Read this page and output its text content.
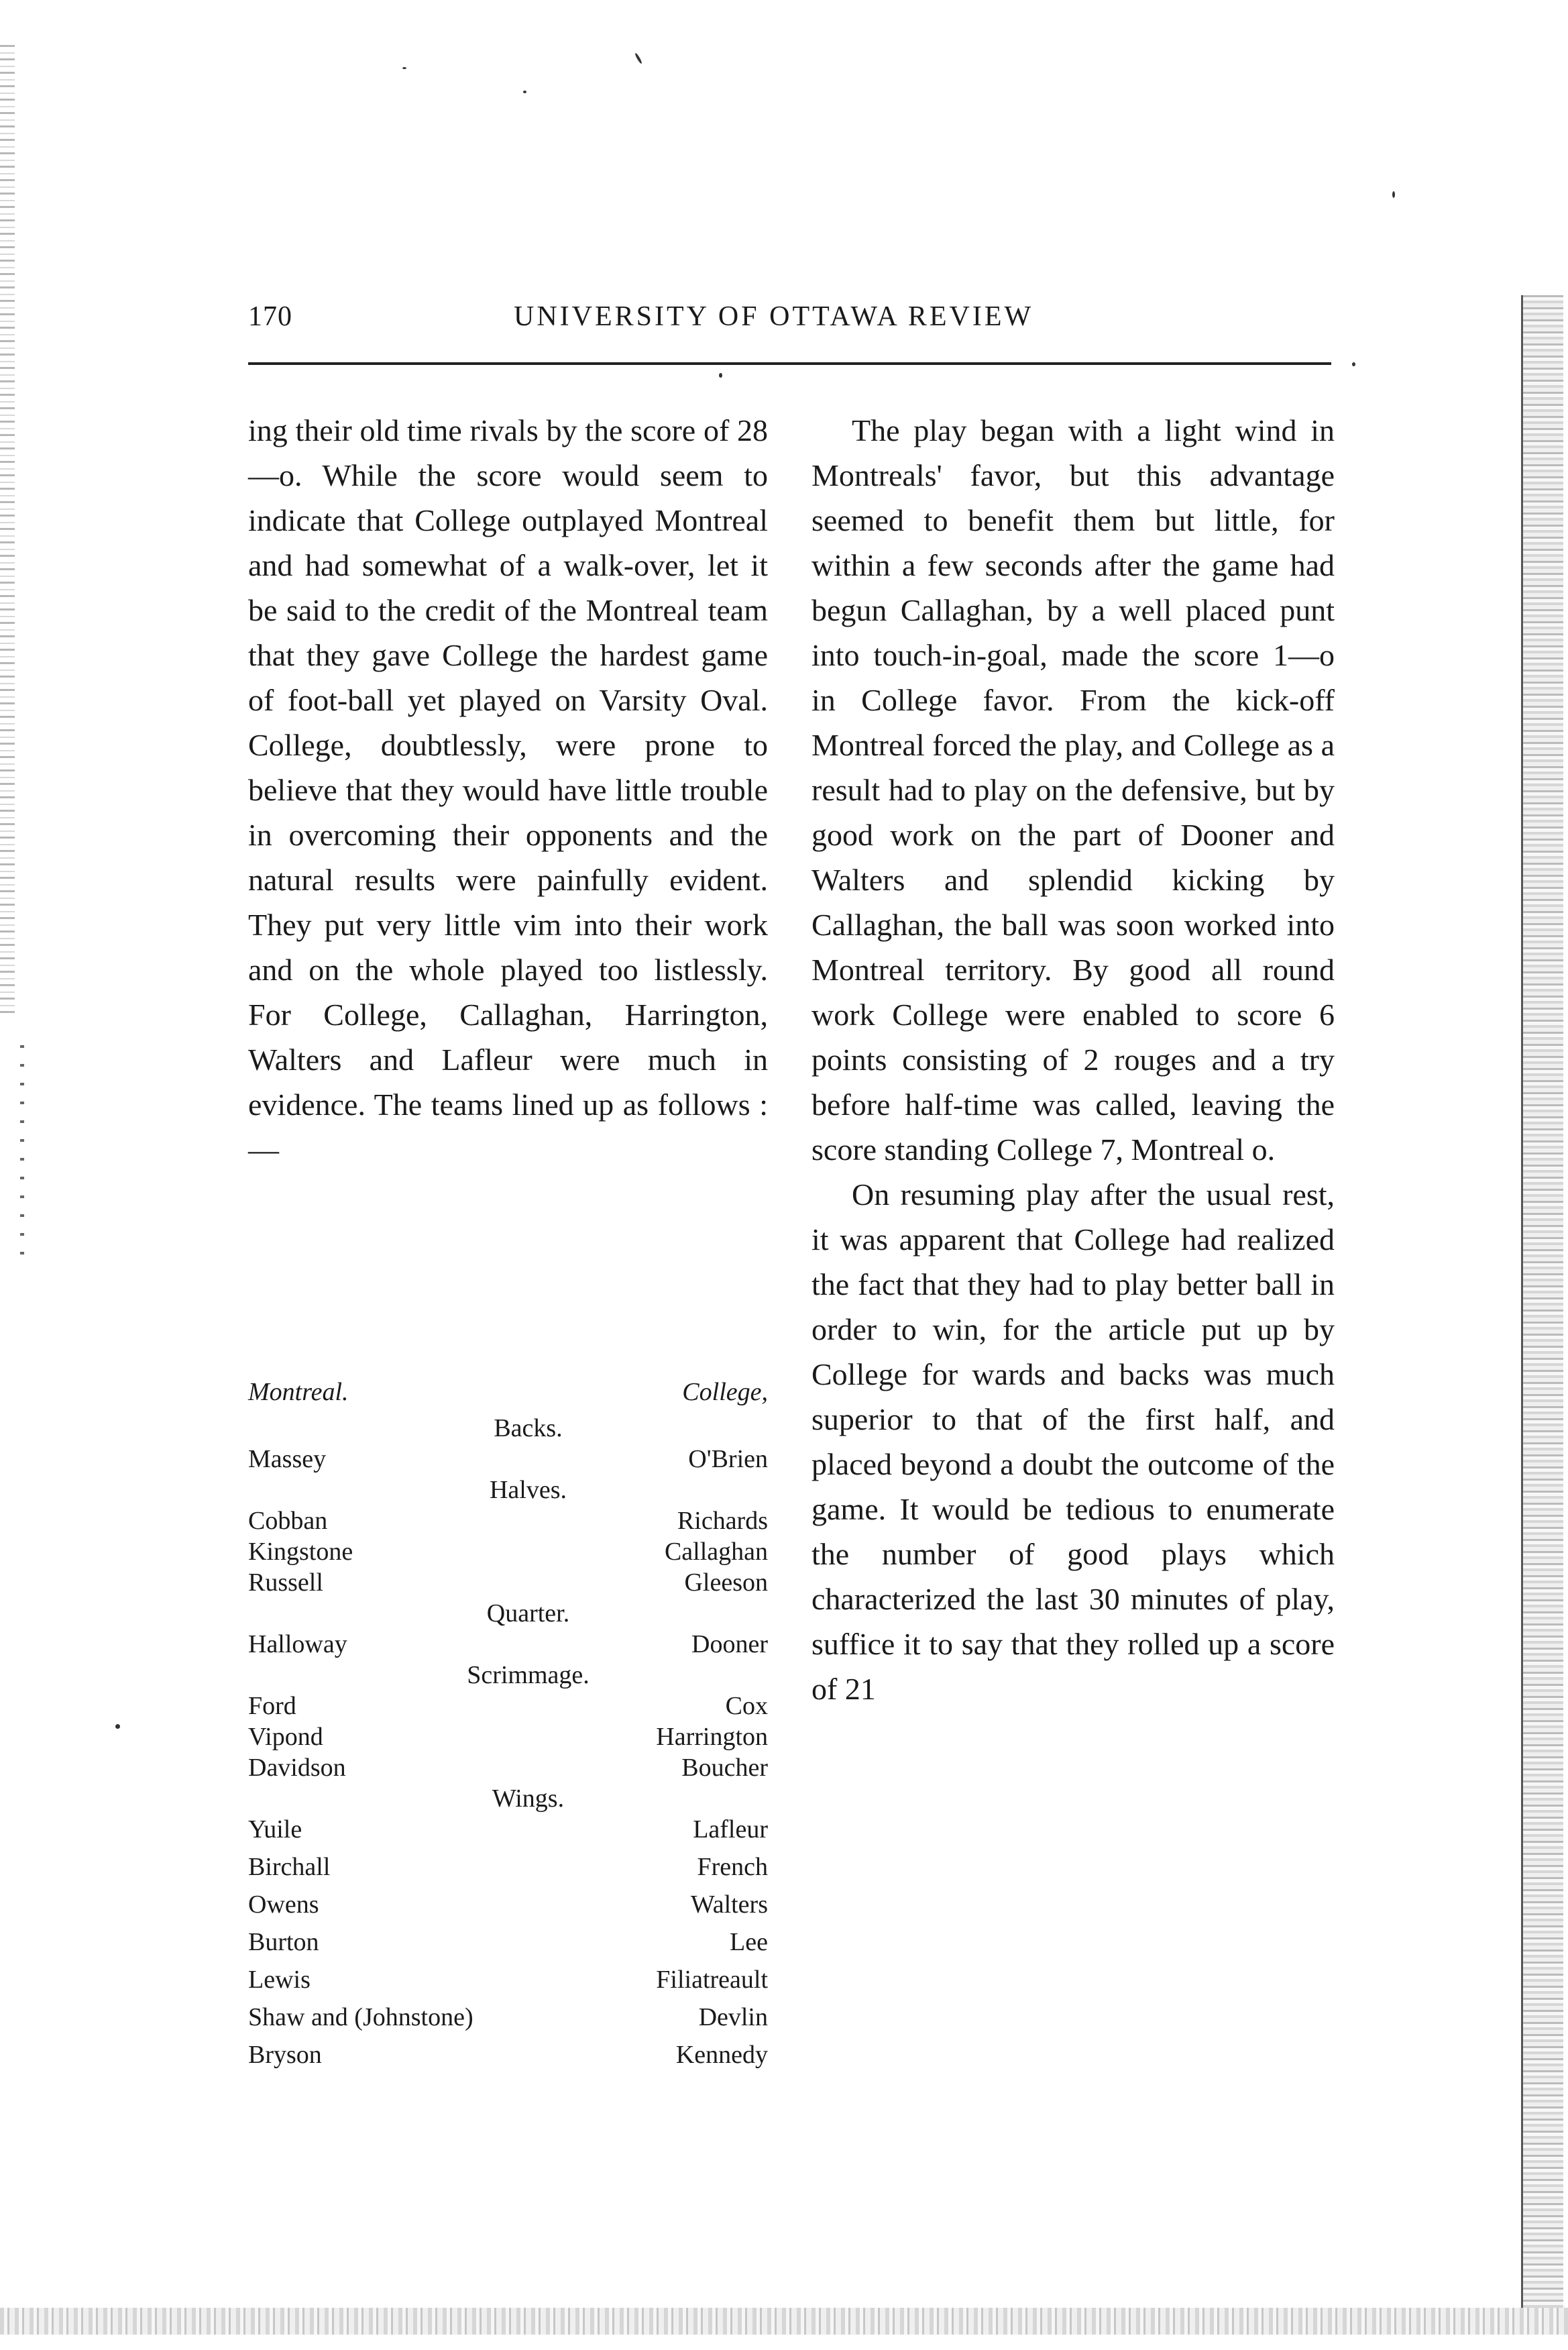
170	UNIVERSITY OF OTTAWA REVIEW

ing their old time rivals by the score of 28—o. While the score would seem to indicate that College outplayed Montreal and had somewhat of a walk-over, let it be said to the credit of the Montreal team that they gave College the hardest game of foot-ball yet played on Varsity Oval. College, doubtlessly, were prone to believe that they would have little trouble in overcoming their opponents and the natural results were painfully evident. They put very little vim into their work and on the whole played too listlessly. For College, Callaghan, Harrington, Walters and Lafleur were much in evidence. The teams lined up as follows :—

Montreal.	College,
Backs.
Massey	O'Brien
Halves.
Cobban	Richards
Kingstone	Callaghan
Russell	Gleeson
Quarter.
Halloway	Dooner
Scrimmage.
Ford	Cox
Vipond	Harrington
Davidson	Boucher
Wings.
Yuile	Lafleur
Birchall	French
Owens	Walters
Burton	Lee
Lewis	Filiatreault
Shaw and (Johnstone)	Devlin
Bryson	Kennedy

The play began with a light wind in Montreals' favor, but this advantage seemed to benefit them but little, for within a few seconds after the game had begun Callaghan, by a well placed punt into touch-in-goal, made the score 1—o in College favor. From the kick-off Montreal forced the play, and College as a result had to play on the defensive, but by good work on the part of Dooner and Walters and splendid kicking by Callaghan, the ball was soon worked into Montreal territory. By good all round work College were enabled to score 6 points consisting of 2 rouges and a try before half-time was called, leaving the score standing College 7, Montreal o.

On resuming play after the usual rest, it was apparent that College had realized the fact that they had to play better ball in order to win, for the article put up by College for wards and backs was much superior to that of the first half, and placed beyond a doubt the outcome of the game. It would be tedious to enumerate the number of good plays which characterized the last 30 minutes of play, suffice it to say that they rolled up a score of 21
